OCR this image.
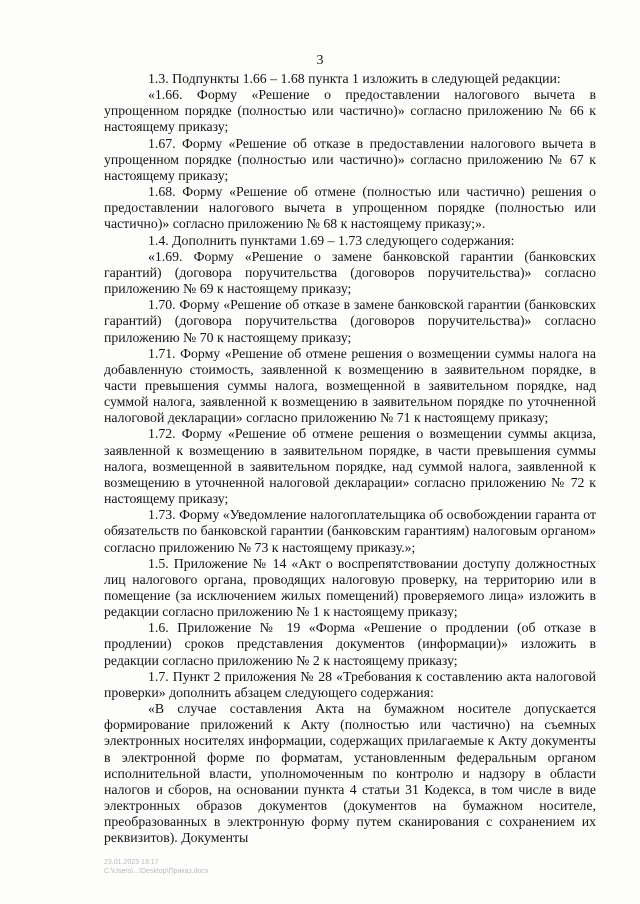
3

1.3. Подпункты 1.66 – 1.68 пункта 1 изложить в следующей редакции:

«1.66. Форму «Решение о предоставлении налогового вычета в упрощенном порядке (полностью или частично)» согласно приложению № 66 к настоящему приказу;

1.67. Форму «Решение об отказе в предоставлении налогового вычета в упрощенном порядке (полностью или частично)» согласно приложению № 67 к настоящему приказу;

1.68. Форму «Решение об отмене (полностью или частично) решения о предоставлении налогового вычета в упрощенном порядке (полностью или частично)» согласно приложению № 68 к настоящему приказу;».

1.4. Дополнить пунктами 1.69 – 1.73 следующего содержания:

«1.69. Форму «Решение о замене банковской гарантии (банковских гарантий) (договора поручительства (договоров поручительства)» согласно приложению № 69 к настоящему приказу;

1.70. Форму «Решение об отказе в замене банковской гарантии (банковских гарантий) (договора поручительства (договоров поручительства)» согласно приложению № 70 к настоящему приказу;

1.71. Форму «Решение об отмене решения о возмещении суммы налога на добавленную стоимость, заявленной к возмещению в заявительном порядке, в части превышения суммы налога, возмещенной в заявительном порядке, над суммой налога, заявленной к возмещению в заявительном порядке по уточненной налоговой декларации» согласно приложению № 71 к настоящему приказу;

1.72. Форму «Решение об отмене решения о возмещении суммы акциза, заявленной к возмещению в заявительном порядке, в части превышения суммы налога, возмещенной в заявительном порядке, над суммой налога, заявленной к возмещению в уточненной налоговой декларации» согласно приложению № 72 к настоящему приказу;

1.73. Форму «Уведомление налогоплательщика об освобождении гаранта от обязательств по банковской гарантии (банковским гарантиям) налоговым органом» согласно приложению № 73 к настоящему приказу.»;

1.5. Приложение № 14 «Акт о воспрепятствовании доступу должностных лиц налогового органа, проводящих налоговую проверку, на территорию или в помещение (за исключением жилых помещений) проверяемого лица» изложить в редакции согласно приложению № 1 к настоящему приказу;

1.6. Приложение № 19 «Форма «Решение о продлении (об отказе в продлении) сроков представления документов (информации)» изложить в редакции согласно приложению № 2 к настоящему приказу;

1.7. Пункт 2 приложения № 28 «Требования к составлению акта налоговой проверки» дополнить абзацем следующего содержания:

«В случае составления Акта на бумажном носителе допускается формирование приложений к Акту (полностью или частично) на съемных электронных носителях информации, содержащих прилагаемые к Акту документы в электронной форме по форматам, установленным федеральным органом исполнительной власти, уполномоченным по контролю и надзору в области налогов и сборов, на основании пункта 4 статьи 31 Кодекса, в том числе в виде электронных образов документов (документов на бумажном носителе, преобразованных в электронную форму путем сканирования с сохранением их реквизитов). Документы

23.01.2023 13:17
С:\Users\...\Desktop\Приказ.docx
